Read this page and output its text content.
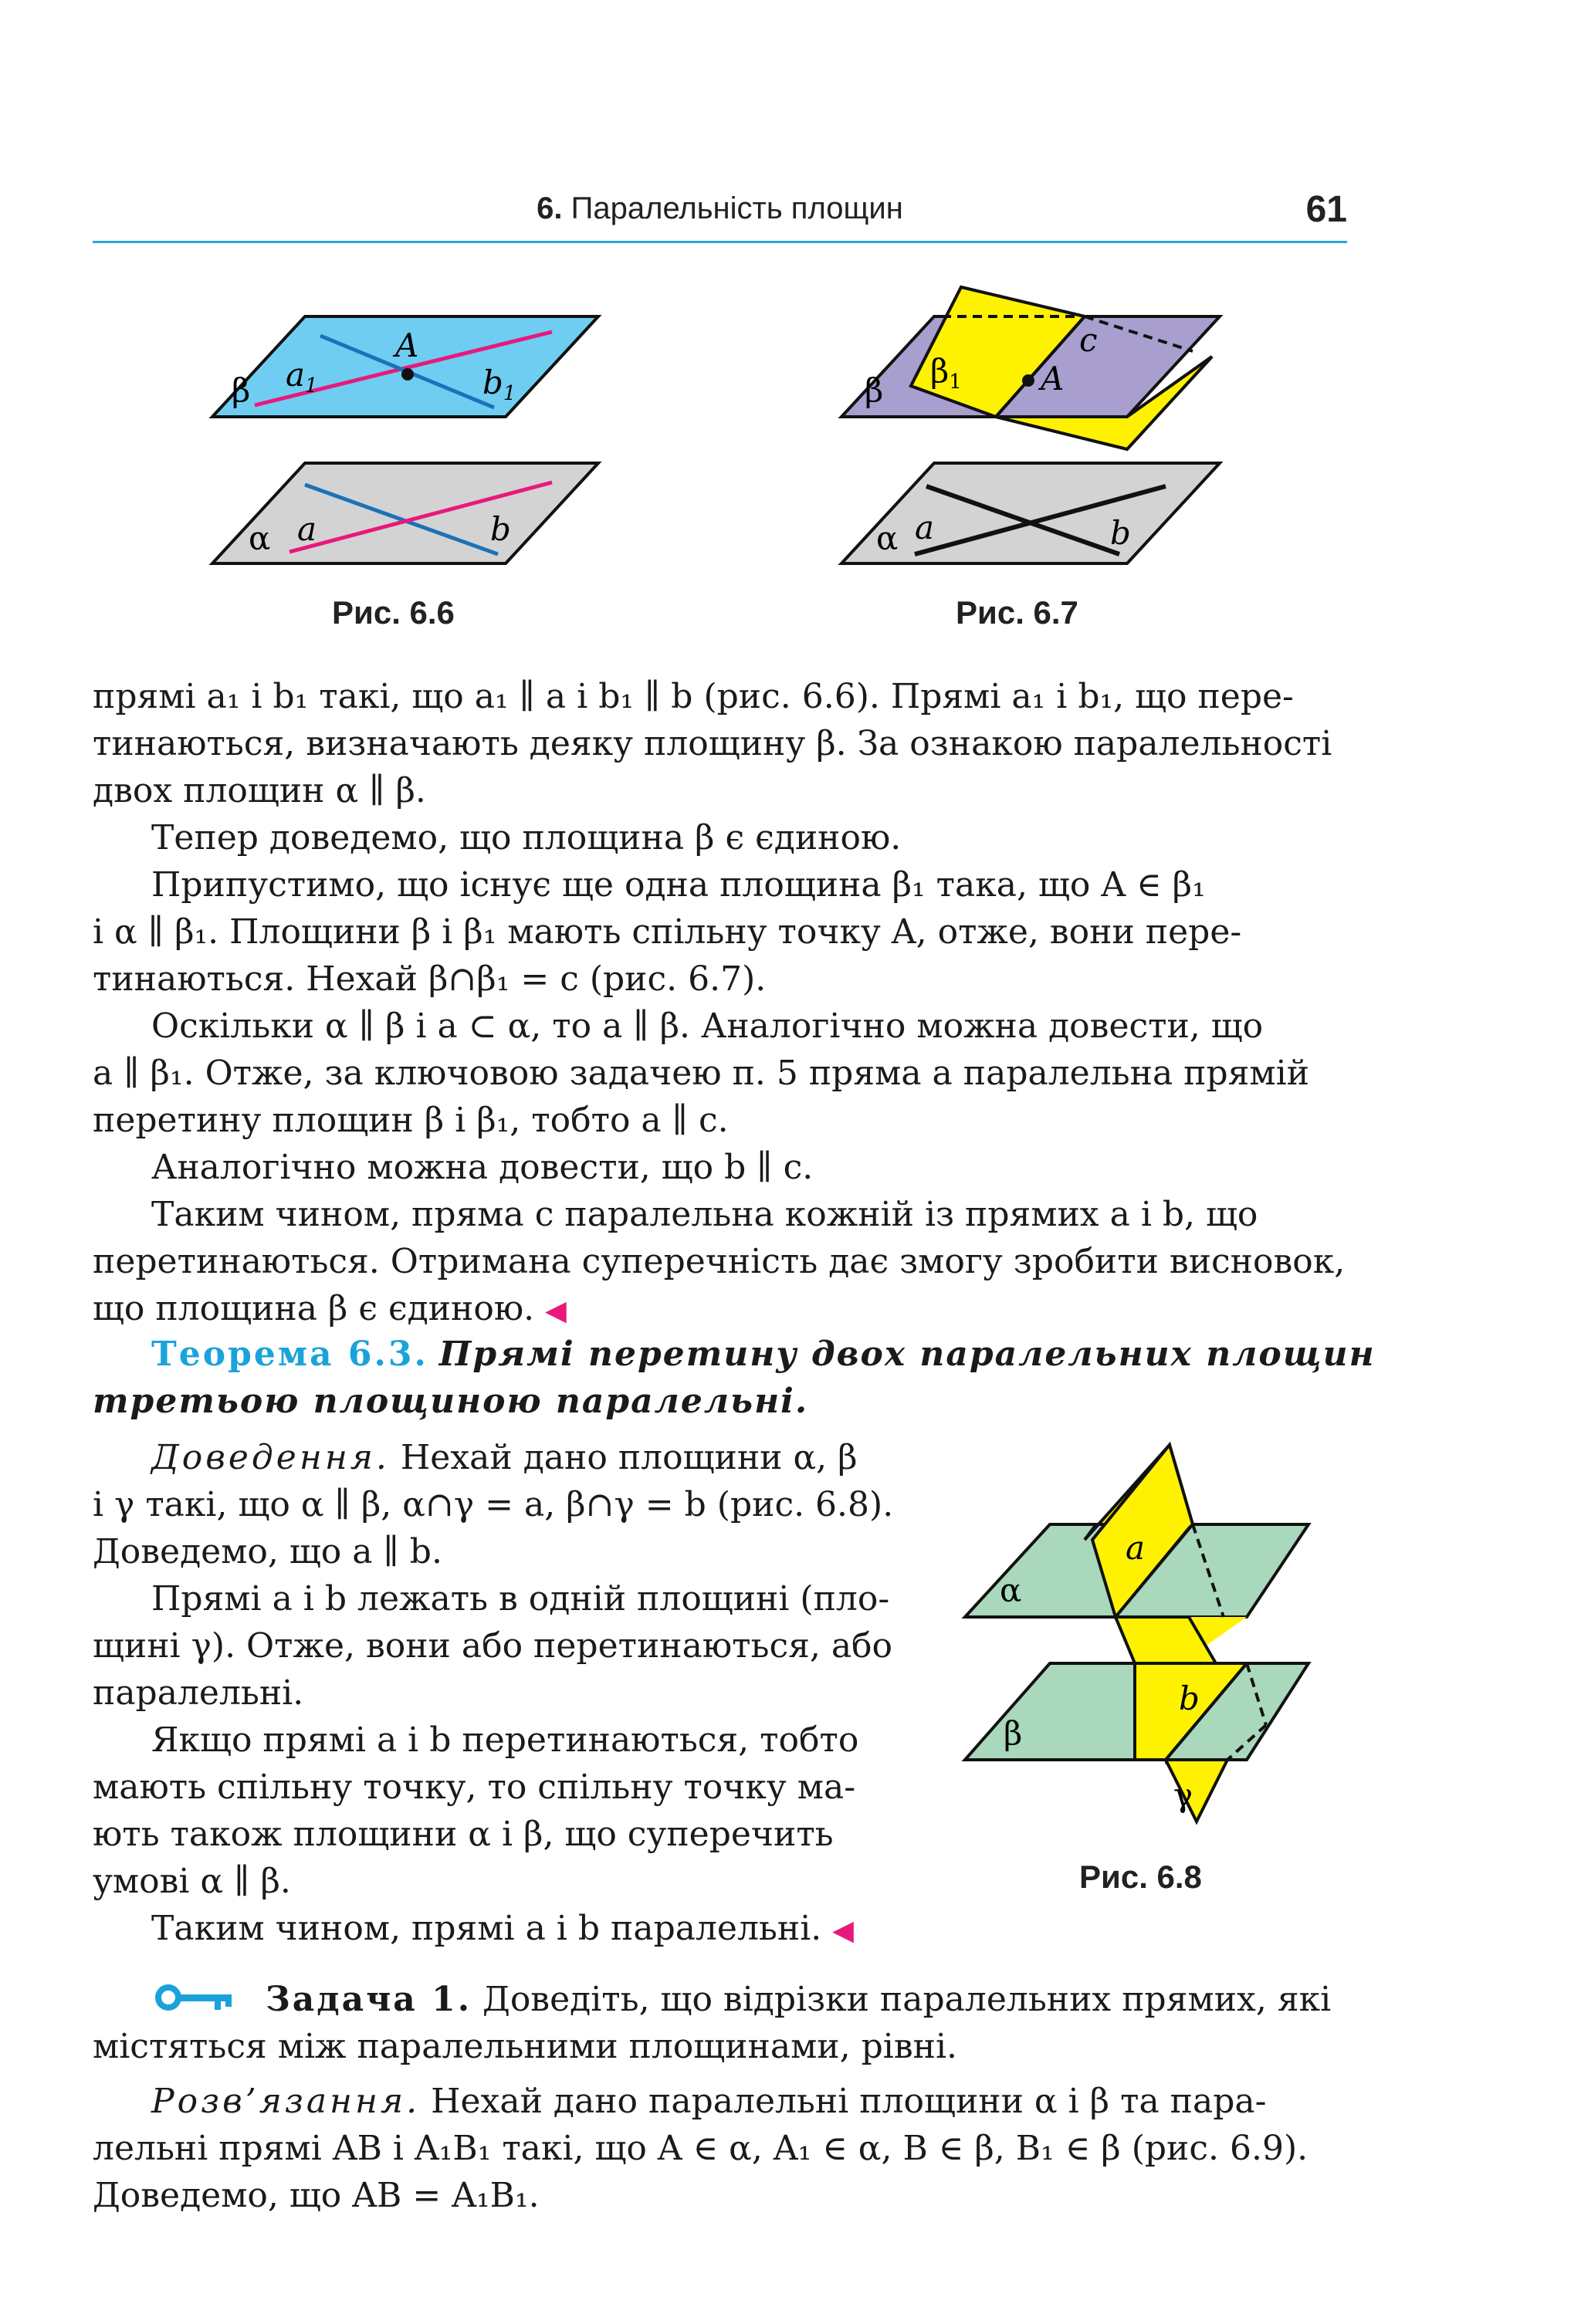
6. Паралельність площин	61
β
A
a1	b1
α a	b
β
β1 A
c
α a	b
Рис. 6.6	Рис. 6.7
прямі a₁ і b₁ такі, що a₁ ∥ a і b₁ ∥ b (рис. 6.6). Прямі a₁ і b₁, що пере-
тинаються, визначають деяку площину β. За ознакою паралельності
двох площин α ∥ β.
Тепер доведемо, що площина β є єдиною.
Припустимо, що існує ще одна площина β₁ така, що A ∈ β₁
і α ∥ β₁. Площини β і β₁ мають спільну точку A, отже, вони пере-
тинаються. Нехай β∩β₁ = c (рис. 6.7).
Оскільки α ∥ β і a ⊂ α, то a ∥ β. Аналогічно можна довести, що
a ∥ β₁. Отже, за ключовою задачею п. 5 пряма a паралельна прямій
перетину площин β і β₁, тобто a ∥ c.
Аналогічно можна довести, що b ∥ c.
Таким чином, пряма c паралельна кожній із прямих a і b, що
перетинаються. Отримана суперечність дає змогу зробити висновок,
що площина β є єдиною. ◀
Теорема 6.3. Прямі перетину двох паралельних площин
третьою площиною паралельні.
Доведення. Нехай дано площини α, β
і γ такі, що α ∥ β, α∩γ = a, β∩γ = b (рис. 6.8).
Доведемо, що a ∥ b.
Прямі a і b лежать в одній площині (пло-
щині γ). Отже, вони або перетинаються, або
паралельні.
Якщо прямі a і b перетинаються, тобто
мають спільну точку, то спільну точку ма-
ють також площини α і β, що суперечить
умові α ∥ β.
Таким чином, прямі a і b паралельні. ◀
α
β
γ
a
b
Рис. 6.8
Задача 1. Доведіть, що відрізки паралельних прямих, які
містяться між паралельними площинами, рівні.
Розв’язання. Нехай дано паралельні площини α і β та пара-
лельні прямі AB і A₁B₁ такі, що A ∈ α, A₁ ∈ α, B ∈ β, B₁ ∈ β (рис. 6.9).
Доведемо, що AB = A₁B₁.
